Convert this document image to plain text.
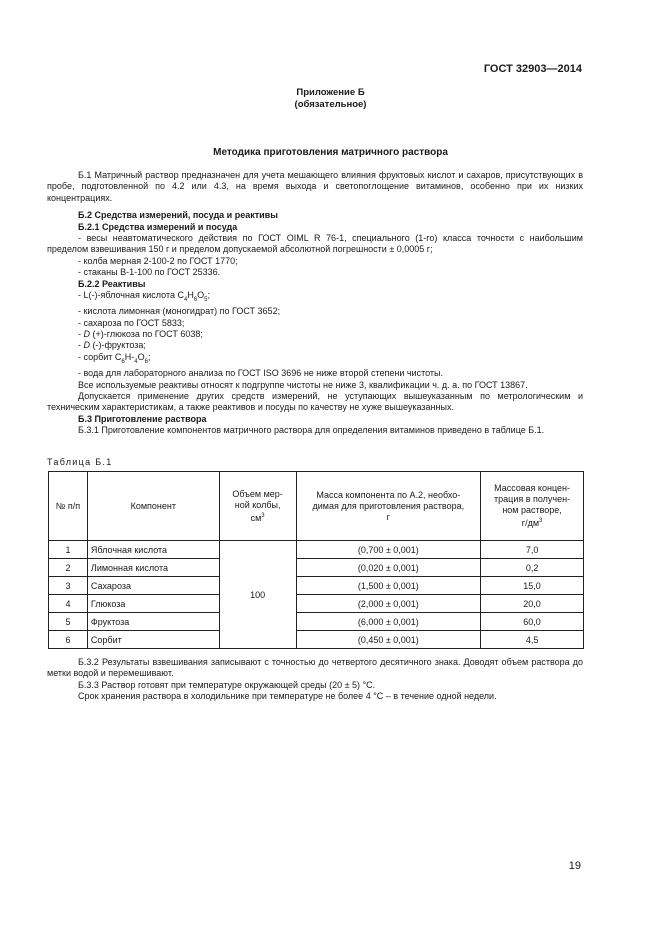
ГОСТ 32903—2014
Приложение Б
(обязательное)
Методика приготовления матричного раствора

Б.1 Матричный раствор предназначен для учета мешающего влияния фруктовых кислот и сахаров, присутствующих в пробе, подготовленной по 4.2 или 4.3, на время выхода и светопоглощение витаминов, особенно при их низких концентрациях.

Б.2 Средства измерений, посуда и реактивы

Б.2.1 Средства измерений и посуда

- весы неавтоматического действия по ГОСТ OIML R 76-1, специального (1-го) класса точности с наибольшим пределом взвешивания 150 г и пределом допускаемой абсолютной погрешности ± 0,0005 г;

- колба мерная 2-100-2 по ГОСТ 1770;

- стаканы В-1-100 по ГОСТ 25336.

Б.2.2 Реактивы

- L(-)-яблочная кислота $C_4H_6O_5$;

- кислота лимонная (моногидрат) по ГОСТ 3652;

- сахароза по ГОСТ 5833;

- D (+)-глюкоза по ГОСТ 6038;

- D (-)-фруктоза;

- сорбит $C_6H-_4O_6$;

- вода для лабораторного анализа по ГОСТ ISO 3696 не ниже второй степени чистоты.

Все используемые реактивы относят к подгруппе чистоты не ниже 3, квалификации ч. д. а. по ГОСТ 13867.

Допускается применение других средств измерений, не уступающих вышеуказанным по метрологическим и техническим характеристикам, а также реактивов и посуды по качеству не хуже вышеуказанных.

Б.3 Приготовление раствора

Б.3.1 Приготовление компонентов матричного раствора для определения витаминов приведено в таблице Б.1.

Таблица Б.1
№ п/п	Компонент	Объем мер-
ной колбы,
$см^3$	Масса компонента по А.2, необхо-
димая для приготовления раствора,
г	Массовая концен-
трация в получен-
ном растворе,
$г/дм^3$
1	Яблочная кислота	100	(0,700 ± 0,001)	7,0
2	Лимонная кислота		(0,020 ± 0,001)	0,2
3	Сахароза		(1,500 ± 0,001)	15,0
4	Глюкоза		(2,000 ± 0,001)	20,0
5	Фруктоза		(6,000 ± 0,001)	60,0
6	Сорбит		(0,450 ± 0,001)	4,5

Б.3.2 Результаты взвешивания записывают с точностью до четвертого десятичного знака. Доводят объем раствора до метки водой и перемешивают.

Б.3.3 Раствор готовят при температуре окружающей среды (20 ± 5) °С.

Срок хранения раствора в холодильнике при температуре не более 4 °С – в течение одной недели.

19
